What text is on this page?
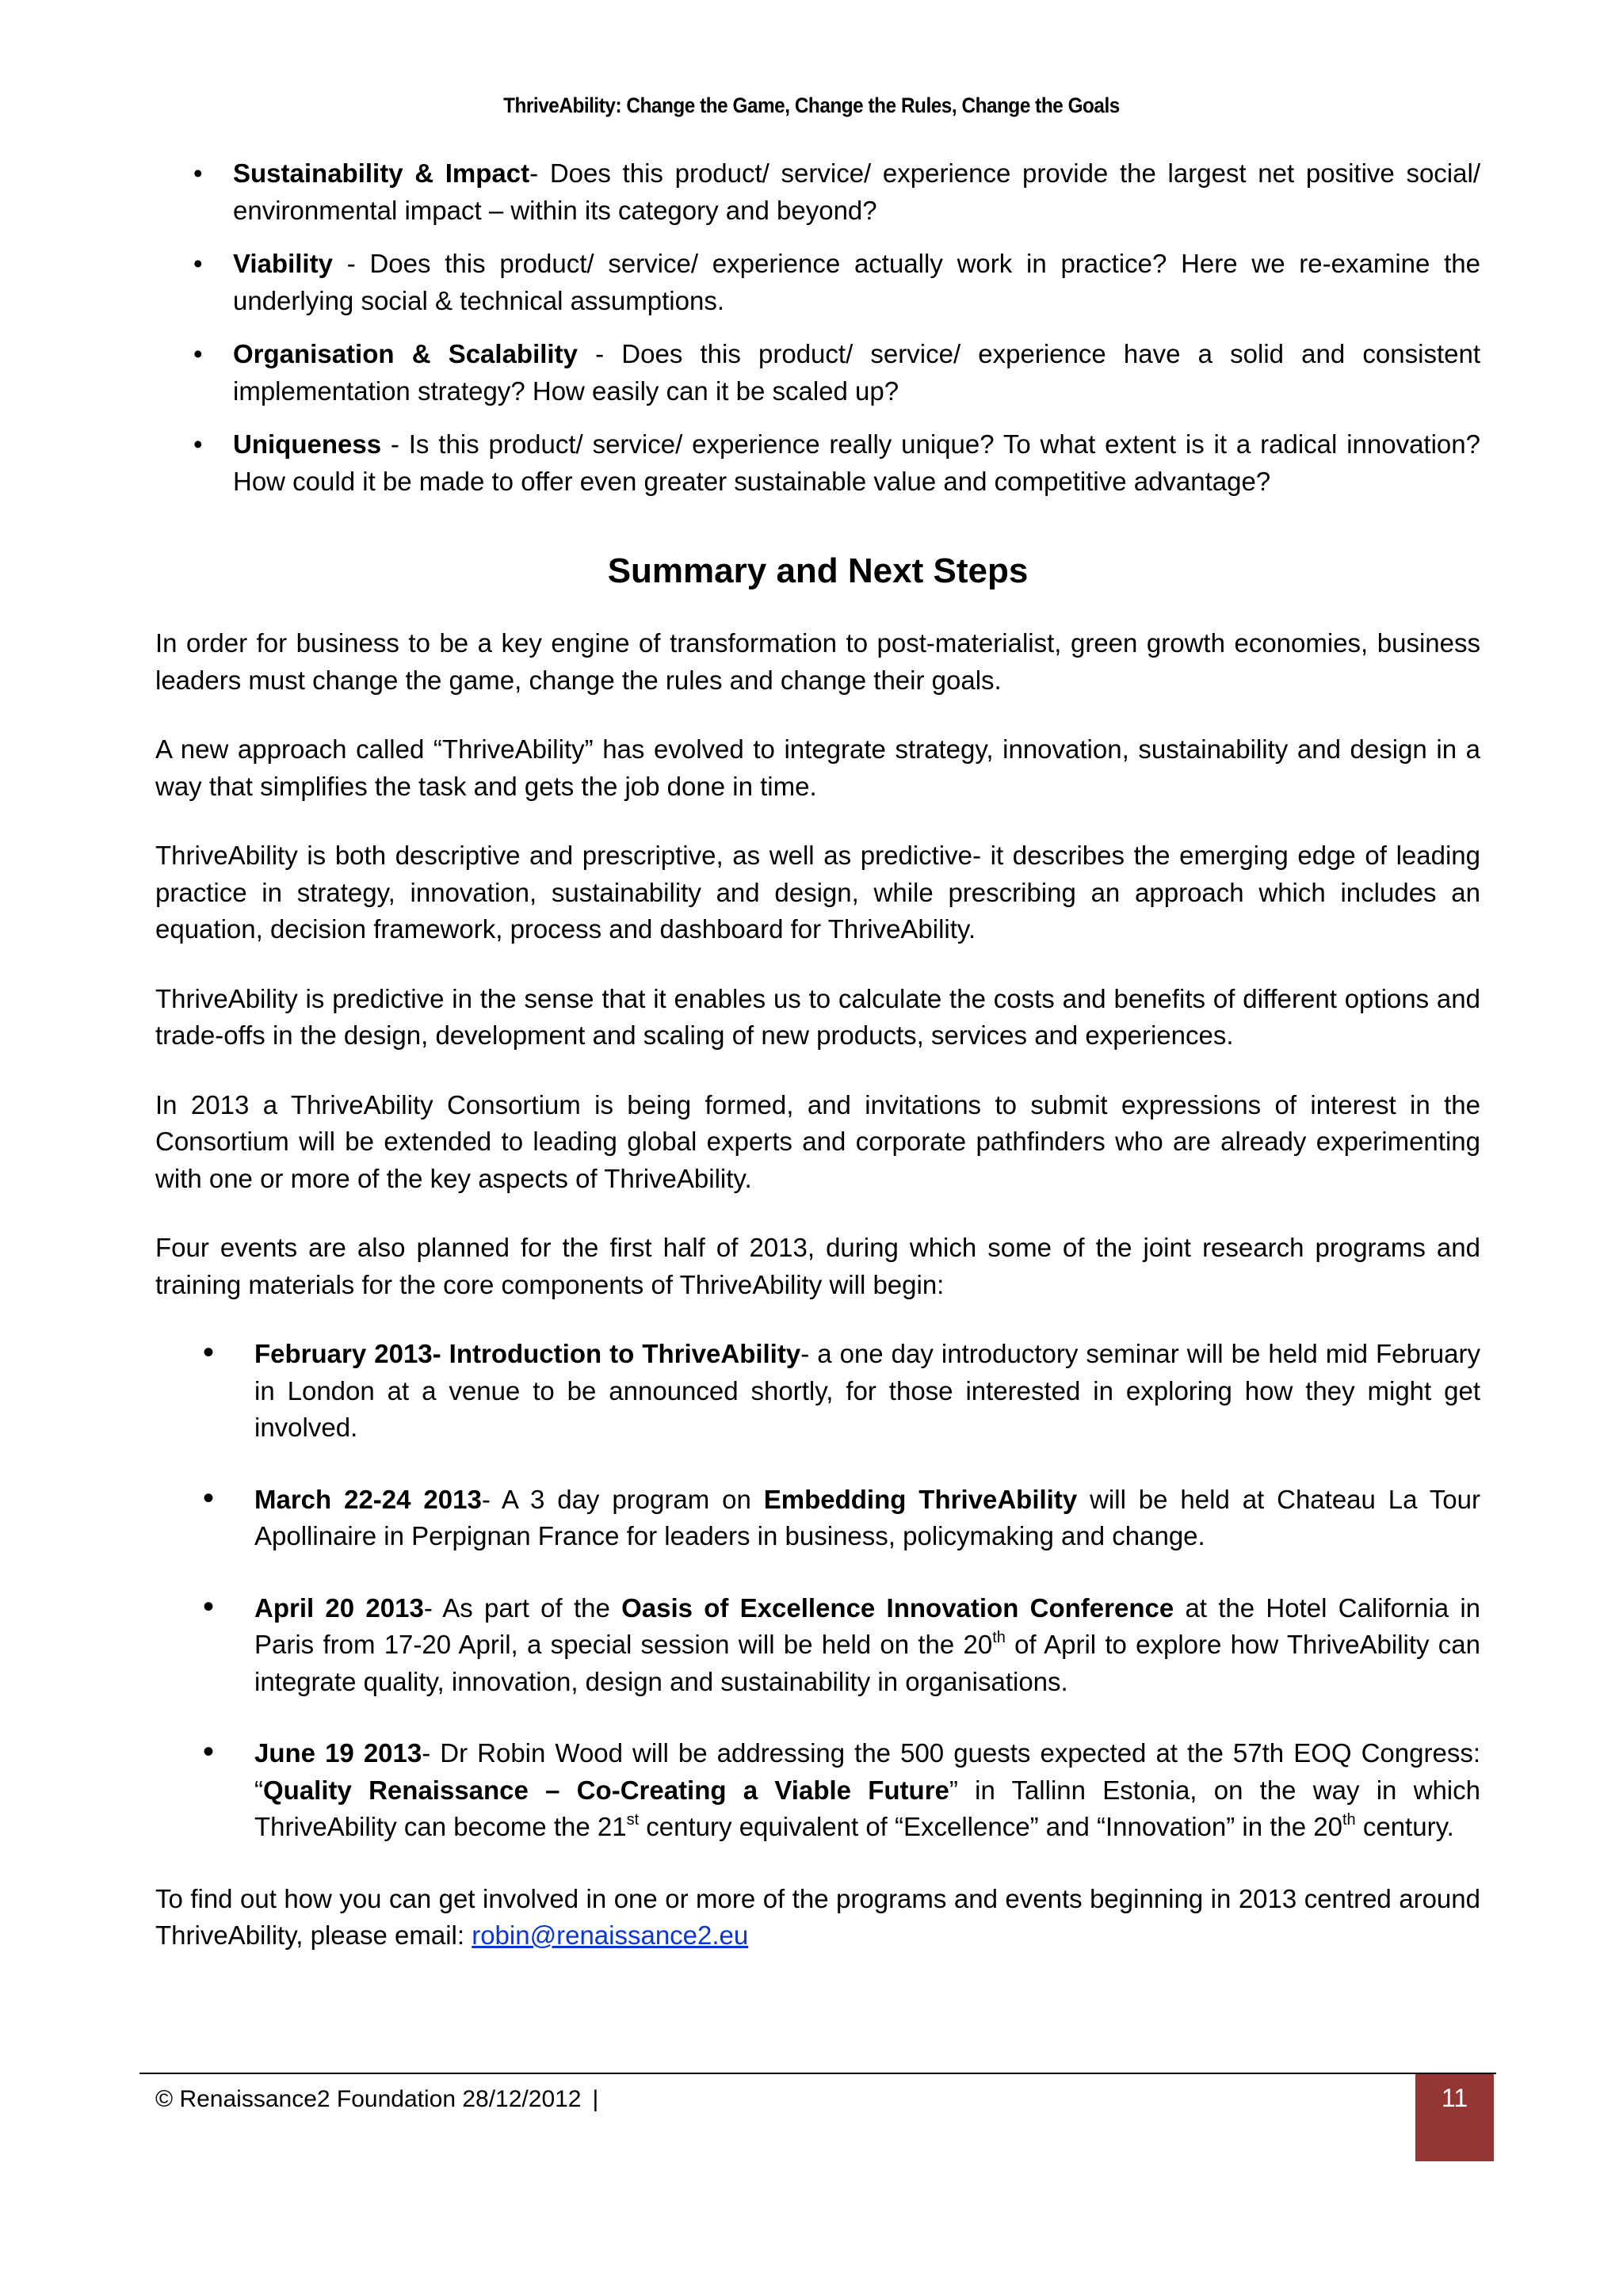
ThriveAbility: Change the Game, Change the Rules, Change the Goals
• Sustainability & Impact- Does this product/ service/ experience provide the largest net positive social/ environmental impact – within its category and beyond?
• Viability - Does this product/ service/ experience actually work in practice? Here we re-examine the underlying social & technical assumptions.
• Organisation & Scalability - Does this product/ service/ experience have a solid and consistent implementation strategy? How easily can it be scaled up?
• Uniqueness - Is this product/ service/ experience really unique? To what extent is it a radical innovation? How could it be made to offer even greater sustainable value and competitive advantage?
Summary and Next Steps

In order for business to be a key engine of transformation to post-materialist, green growth economies, business leaders must change the game, change the rules and change their goals.

A new approach called “ThriveAbility” has evolved to integrate strategy, innovation, sustainability and design in a way that simplifies the task and gets the job done in time.

ThriveAbility is both descriptive and prescriptive, as well as predictive- it describes the emerging edge of leading practice in strategy, innovation, sustainability and design, while prescribing an approach which includes an equation, decision framework, process and dashboard for ThriveAbility.

ThriveAbility is predictive in the sense that it enables us to calculate the costs and benefits of different options and trade-offs in the design, development and scaling of new products, services and experiences.

In 2013 a ThriveAbility Consortium is being formed, and invitations to submit expressions of interest in the Consortium will be extended to leading global experts and corporate pathfinders who are already experimenting with one or more of the key aspects of ThriveAbility.

Four events are also planned for the first half of 2013, during which some of the joint research programs and training materials for the core components of ThriveAbility will begin:

• February 2013- Introduction to ThriveAbility- a one day introductory seminar will be held mid February in London at a venue to be announced shortly, for those interested in exploring how they might get involved.
• March 22-24 2013- A 3 day program on Embedding ThriveAbility will be held at Chateau La Tour Apollinaire in Perpignan France for leaders in business, policymaking and change.
• April 20 2013- As part of the Oasis of Excellence Innovation Conference at the Hotel California in Paris from 17-20 April, a special session will be held on the 20th of April to explore how ThriveAbility can integrate quality, innovation, design and sustainability in organisations.
• June 19 2013- Dr Robin Wood will be addressing the 500 guests expected at the 57th EOQ Congress: “Quality Renaissance – Co-Creating a Viable Future” in Tallinn Estonia, on the way in which ThriveAbility can become the 21st century equivalent of “Excellence” and “Innovation” in the 20th century.

To find out how you can get involved in one or more of the programs and events beginning in 2013 centred around ThriveAbility, please email: robin@renaissance2.eu

© Renaissance2 Foundation 28/12/2012 |	11
